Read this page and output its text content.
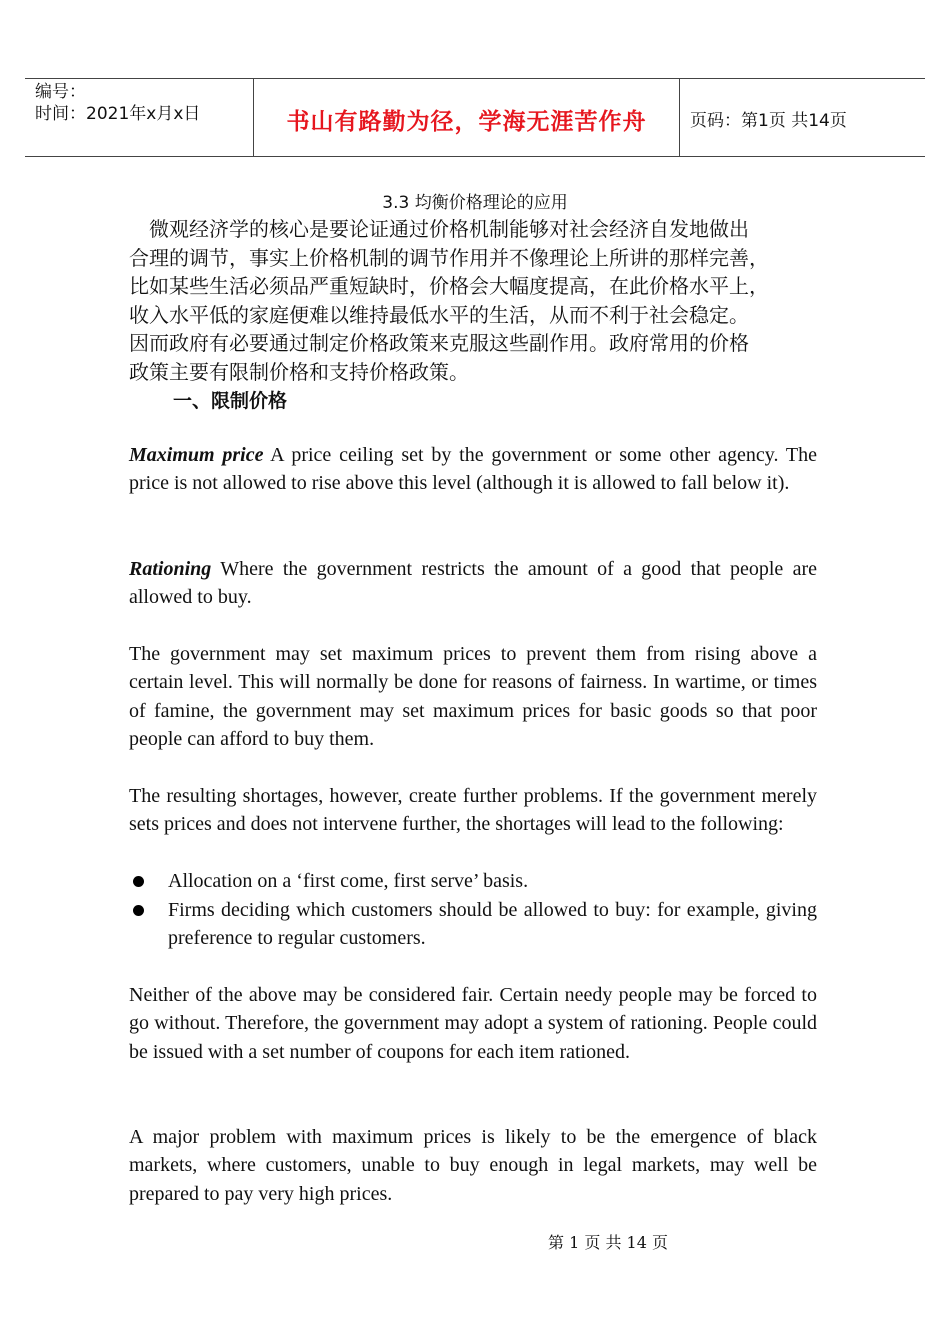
编号：
时间：2021年x月x日	书山有路勤为径，学海无涯苦作舟	页码：第1页 共14页
3.3 均衡价格理论的应用
　微观经济学的核心是要论证通过价格机制能够对社会经济自发地做出
合理的调节，事实上价格机制的调节作用并不像理论上所讲的那样完善，
比如某些生活必须品严重短缺时，价格会大幅度提高，在此价格水平上，
收入水平低的家庭便难以维持最低水平的生活，从而不利于社会稳定。
因而政府有必要通过制定价格政策来克服这些副作用。政府常用的价格
政策主要有限制价格和支持价格政策。
一、限制价格
Maximum price A price ceiling set by the government or some other agency. The price is not allowed to rise above this level (although it is allowed to fall below it).
Rationing Where the government restricts the amount of a good that people are allowed to buy.
The government may set maximum prices to prevent them from rising above a certain level. This will normally be done for reasons of fairness. In wartime, or times of famine, the government may set maximum prices for basic goods so that poor people can afford to buy them.
The resulting shortages, however, create further problems. If the government merely sets prices and does not intervene further, the shortages will lead to the following:
Allocation on a ‘first come, first serve’ basis.
Firms deciding which customers should be allowed to buy: for example, giving preference to regular customers.
Neither of the above may be considered fair. Certain needy people may be forced to go without. Therefore, the government may adopt a system of rationing. People could be issued with a set number of coupons for each item rationed.
A major problem with maximum prices is likely to be the emergence of black markets, where customers, unable to buy enough in legal markets, may well be prepared to pay very high prices.
第 1 页 共 14 页
